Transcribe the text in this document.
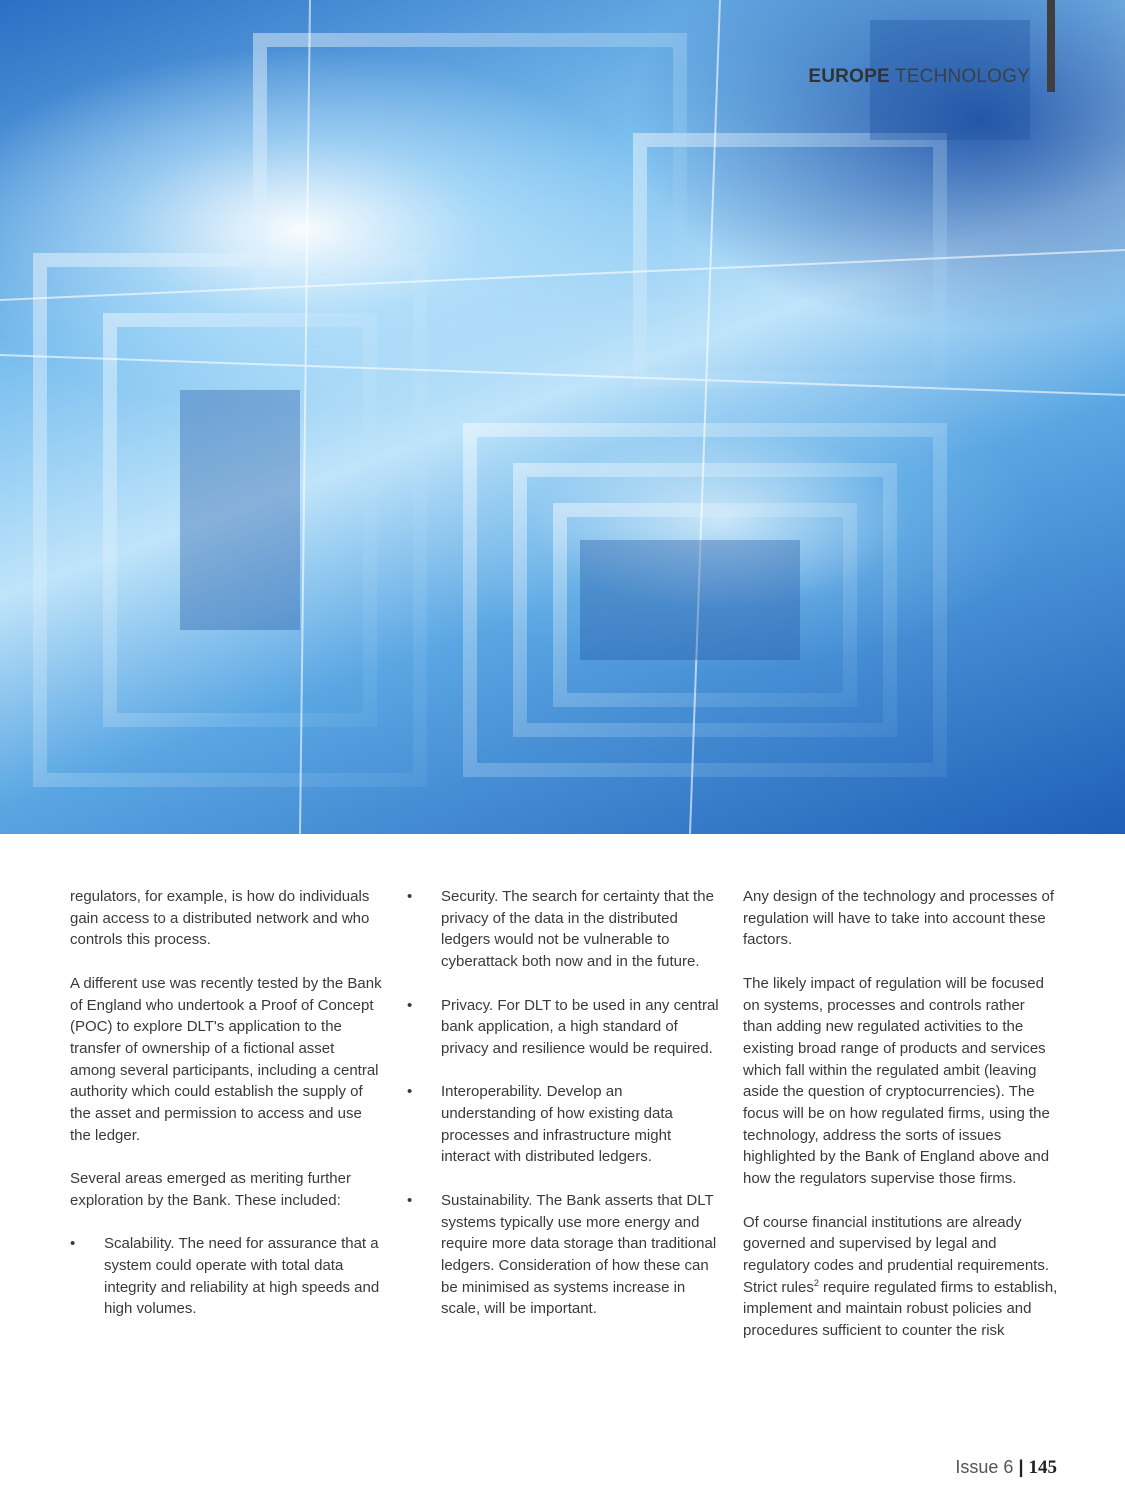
EUROPE TECHNOLOGY

regulators, for example, is how do individuals gain access to a distributed network and who controls this process.

A different use was recently tested by the Bank of England who undertook a Proof of Concept (POC) to explore DLT's application to the transfer of ownership of a fictional asset among several participants, including a central authority which could establish the supply of the asset and permission to access and use the ledger.

Several areas emerged as meriting further exploration by the Bank. These included:

•	Scalability. The need for assurance that a system could operate with total data integrity and reliability at high speeds and high volumes.
•	Security. The search for certainty that the privacy of the data in the distributed ledgers would not be vulnerable to cyberattack both now and in the future.
•	Privacy. For DLT to be used in any central bank application, a high standard of privacy and resilience would be required.
•	Interoperability. Develop an understanding of how existing data processes and infrastructure might interact with distributed ledgers.
•	Sustainability. The Bank asserts that DLT systems typically use more energy and require more data storage than traditional ledgers. Consideration of how these can be minimised as systems increase in scale, will be important.

Any design of the technology and processes of regulation will have to take into account these factors.

The likely impact of regulation will be focused on systems, processes and controls rather than adding new regulated activities to the existing broad range of products and services which fall within the regulated ambit (leaving aside the question of cryptocurrencies). The focus will be on how regulated firms, using the technology, address the sorts of issues highlighted by the Bank of England above and how the regulators supervise those firms.

Of course financial institutions are already governed and supervised by legal and regulatory codes and prudential requirements. Strict rules$^2$ require regulated firms to establish, implement and maintain robust policies and procedures sufficient to counter the risk

Issue 6 | 145
